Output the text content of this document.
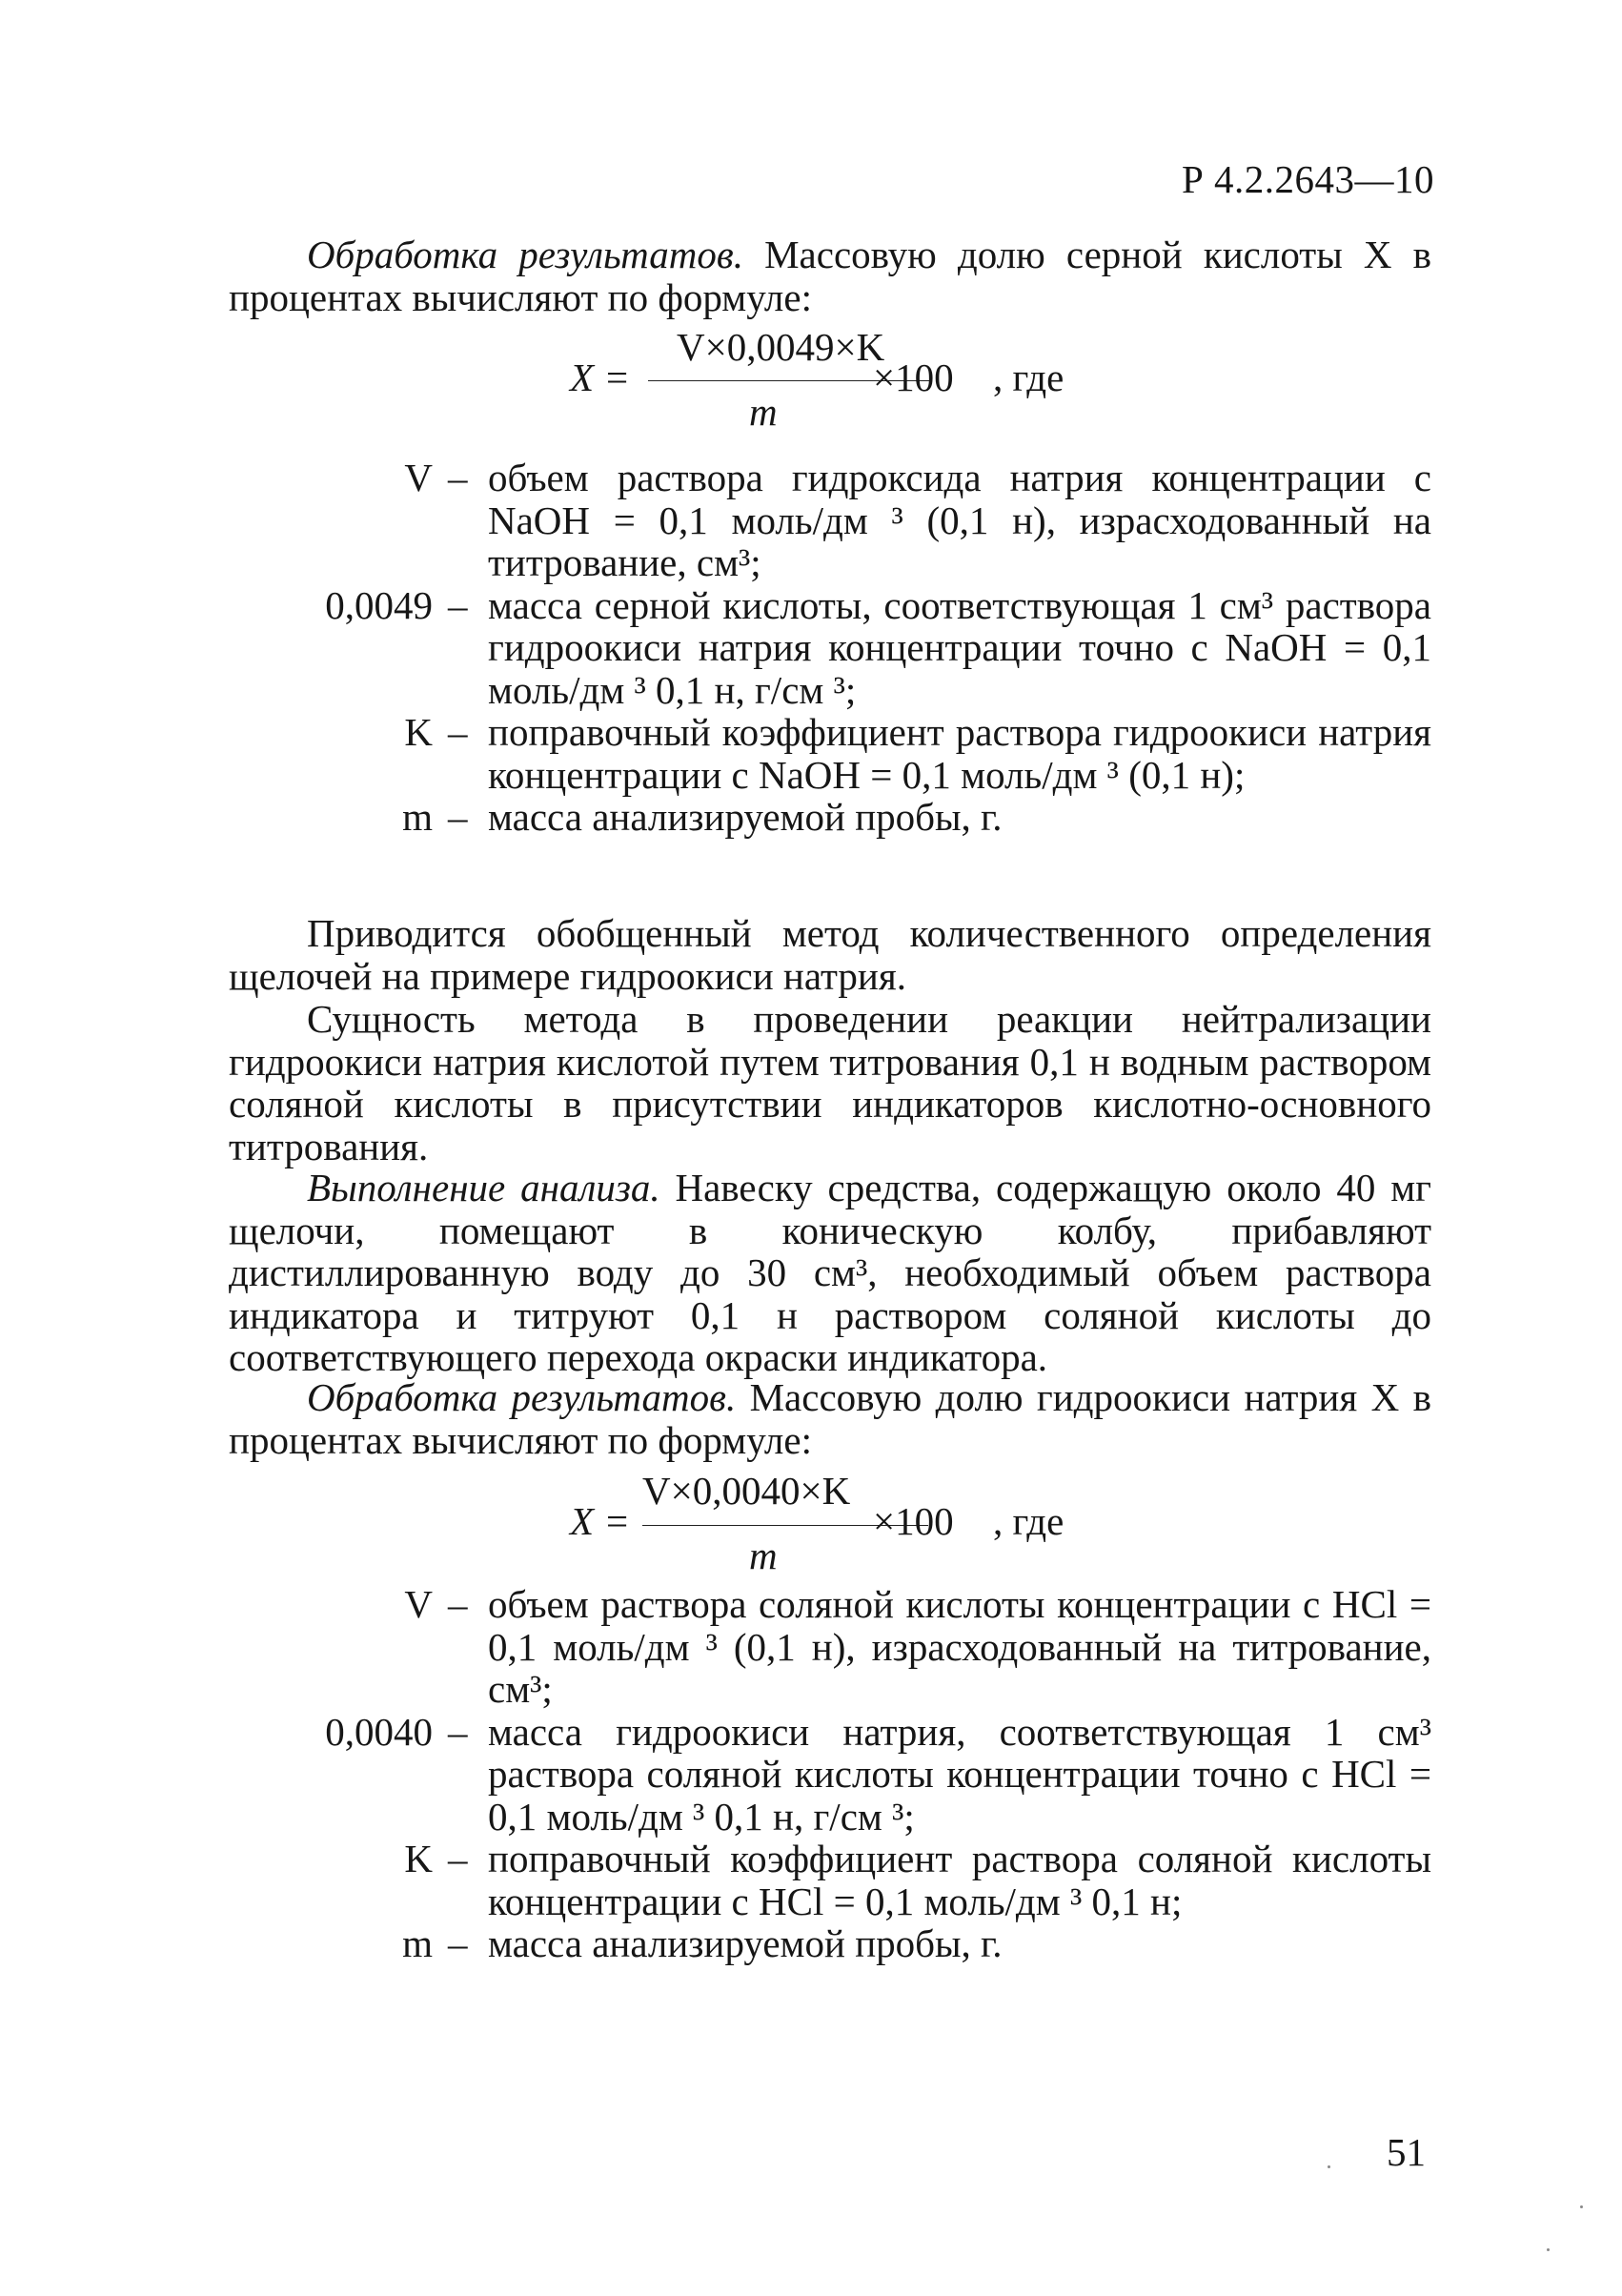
Р 4.2.2643—10

Обработка результатов. Массовую долю серной кислоты X в процентах вычисляют по формуле:

X =
V×0,0049×K
m
×100 , где
V – объем раствора гидроксида натрия концентрации с NaOH = 0,1 моль/дм ³ (0,1 н), израсходованный на титрование, см³;
0,0049 – масса серной кислоты, соответствующая 1 см³ раствора гидроокиси натрия концентрации точно с NaOH = 0,1 моль/дм ³ 0,1 н, г/см ³;
K – поправочный коэффициент раствора гидроокиси натрия концентрации с NaOH = 0,1 моль/дм ³ (0,1 н);
m – масса анализируемой пробы, г.

Приводится обобщенный метод количественного определения щелочей на примере гидроокиси натрия.

Сущность метода в проведении реакции нейтрализации гидроокиси натрия кислотой путем титрования 0,1 н водным раствором соляной кислоты в присутствии индикаторов кислотно-основного титрования.

Выполнение анализа. Навеску средства, содержащую около 40 мг щелочи, помещают в коническую колбу, прибавляют дистиллированную воду до 30 см³, необходимый объем раствора индикатора и титруют 0,1 н раствором соляной кислоты до соответствующего перехода окраски индикатора.

Обработка результатов. Массовую долю гидроокиси натрия X в процентах вычисляют по формуле:

X =
V×0,0040×K
m
×100 , где
V – объем раствора соляной кислоты концентрации с HCl = 0,1 моль/дм ³ (0,1 н), израсходованный на титрование, см³;
0,0040 – масса гидроокиси натрия, соответствующая 1 см³ раствора соляной кислоты концентрации точно с HCl = 0,1 моль/дм ³ 0,1 н, г/см ³;
K – поправочный коэффициент раствора соляной кислоты концентрации с HCl = 0,1 моль/дм ³ 0,1 н;
m – масса анализируемой пробы, г.
51
